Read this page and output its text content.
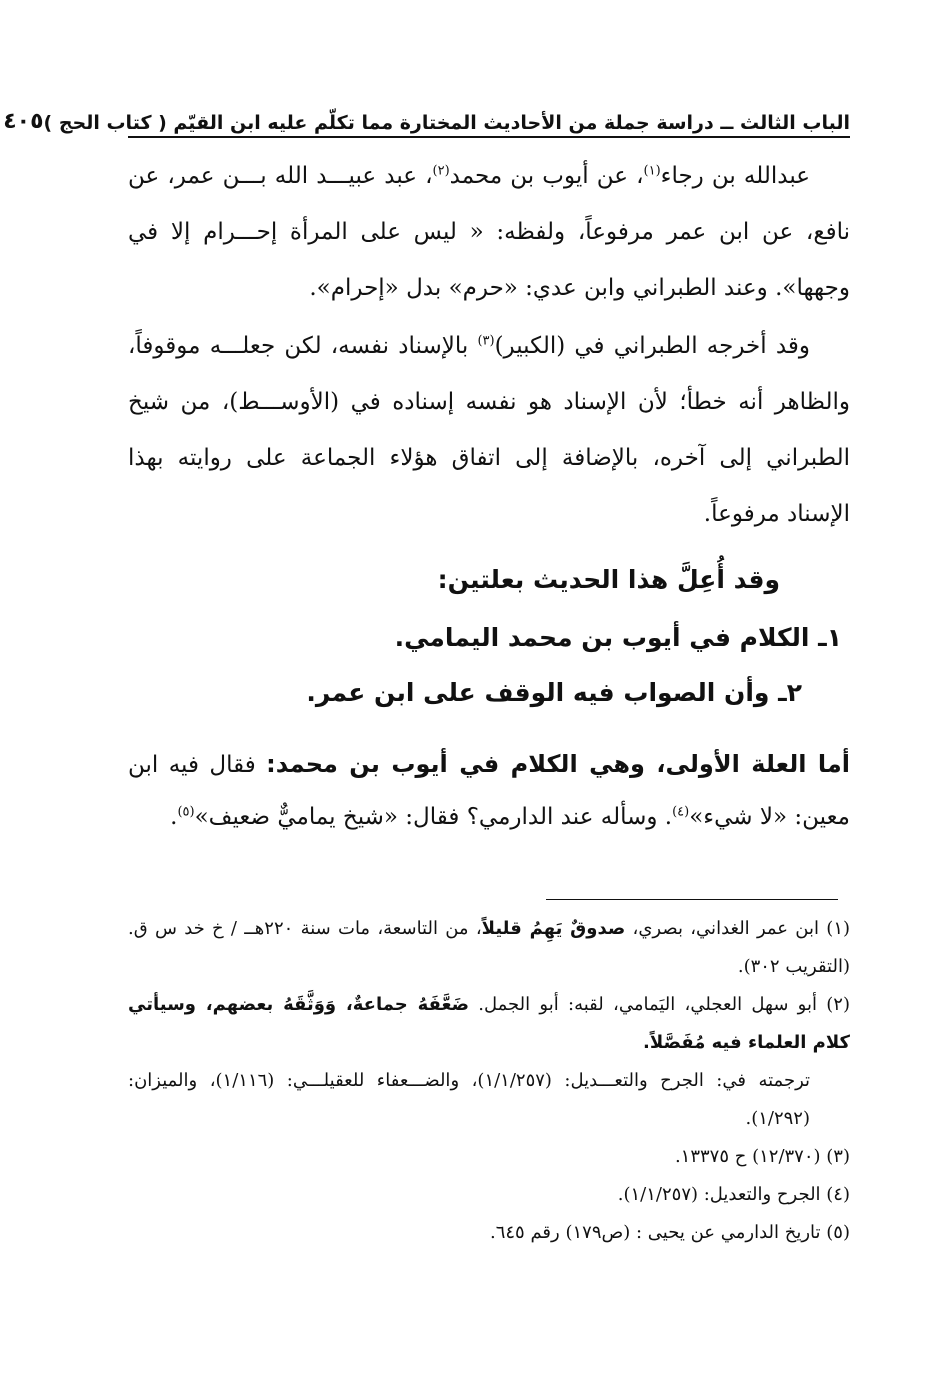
الباب الثالث ــ دراسة جملة من الأحاديث المختارة مما تكلّم عليه ابن القيّم ( كتاب الحج )
٤٠٥

عبدالله بن رجاء$^{(١)}$، عن أيوب بن محمد$^{(٢)}$، عبد عبيـــد الله بـــن عمر، عن نافع، عن ابن عمر مرفوعاً، ولفظه: « ليس على المرأة إحـــرام إلا في وجهها». وعند الطبراني وابن عدي: «حرم» بدل «إحرام».

وقد أخرجه الطبراني في (الكبير)$^{(٣)}$ بالإسناد نفسه، لكن جعلـــه موقوفاً، والظاهر أنه خطأ؛ لأن الإسناد هو نفسه إسناده في (الأوســـط)، من شيخ الطبراني إلى آخره، بالإضافة إلى اتفاق هؤلاء الجماعة على روايته بهذا الإسناد مرفوعاً.

وقد أُعِلَّ هذا الحديث بعلتين:
١ـ الكلام في أيوب بن محمد اليمامي.
٢ـ وأن الصواب فيه الوقف على ابن عمر.
أما العلة الأولى، وهي الكلام في أيوب بن محمد: فقال فيه ابن معين: «لا شيء»$^{(٤)}$. وسأله عند الدارمي؟ فقال: «شيخ يماميٌّ ضعيف»$^{(٥)}$.

(١) ابن عمر الغداني، بصري، صدوقٌ يَهِمُ قليلاً، من التاسعة، مات سنة ٢٢٠هــ / خ خد س ق. (التقريب ٣٠٢).

(٢) أبو سهل العجلي، اليَمامي، لقبه: أبو الجمل. ضَعَّفَهُ جماعةٌ، وَوَثَّقَهُ بعضهم، وسيأتي كلام العلماء فيه مُفَصَّلاً.

ترجمته في: الجرح والتعـــديل: (١/١/٢٥٧)، والضـــعفاء للعقيلـــي: (١/١١٦)، والميزان: (١/٢٩٢).

(٣) (١٢/٣٧٠) ح ١٣٣٧٥.

(٤) الجرح والتعديل: (١/١/٢٥٧).

(٥) تاريخ الدارمي عن يحيى : (ص١٧٩) رقم ٦٤٥.
